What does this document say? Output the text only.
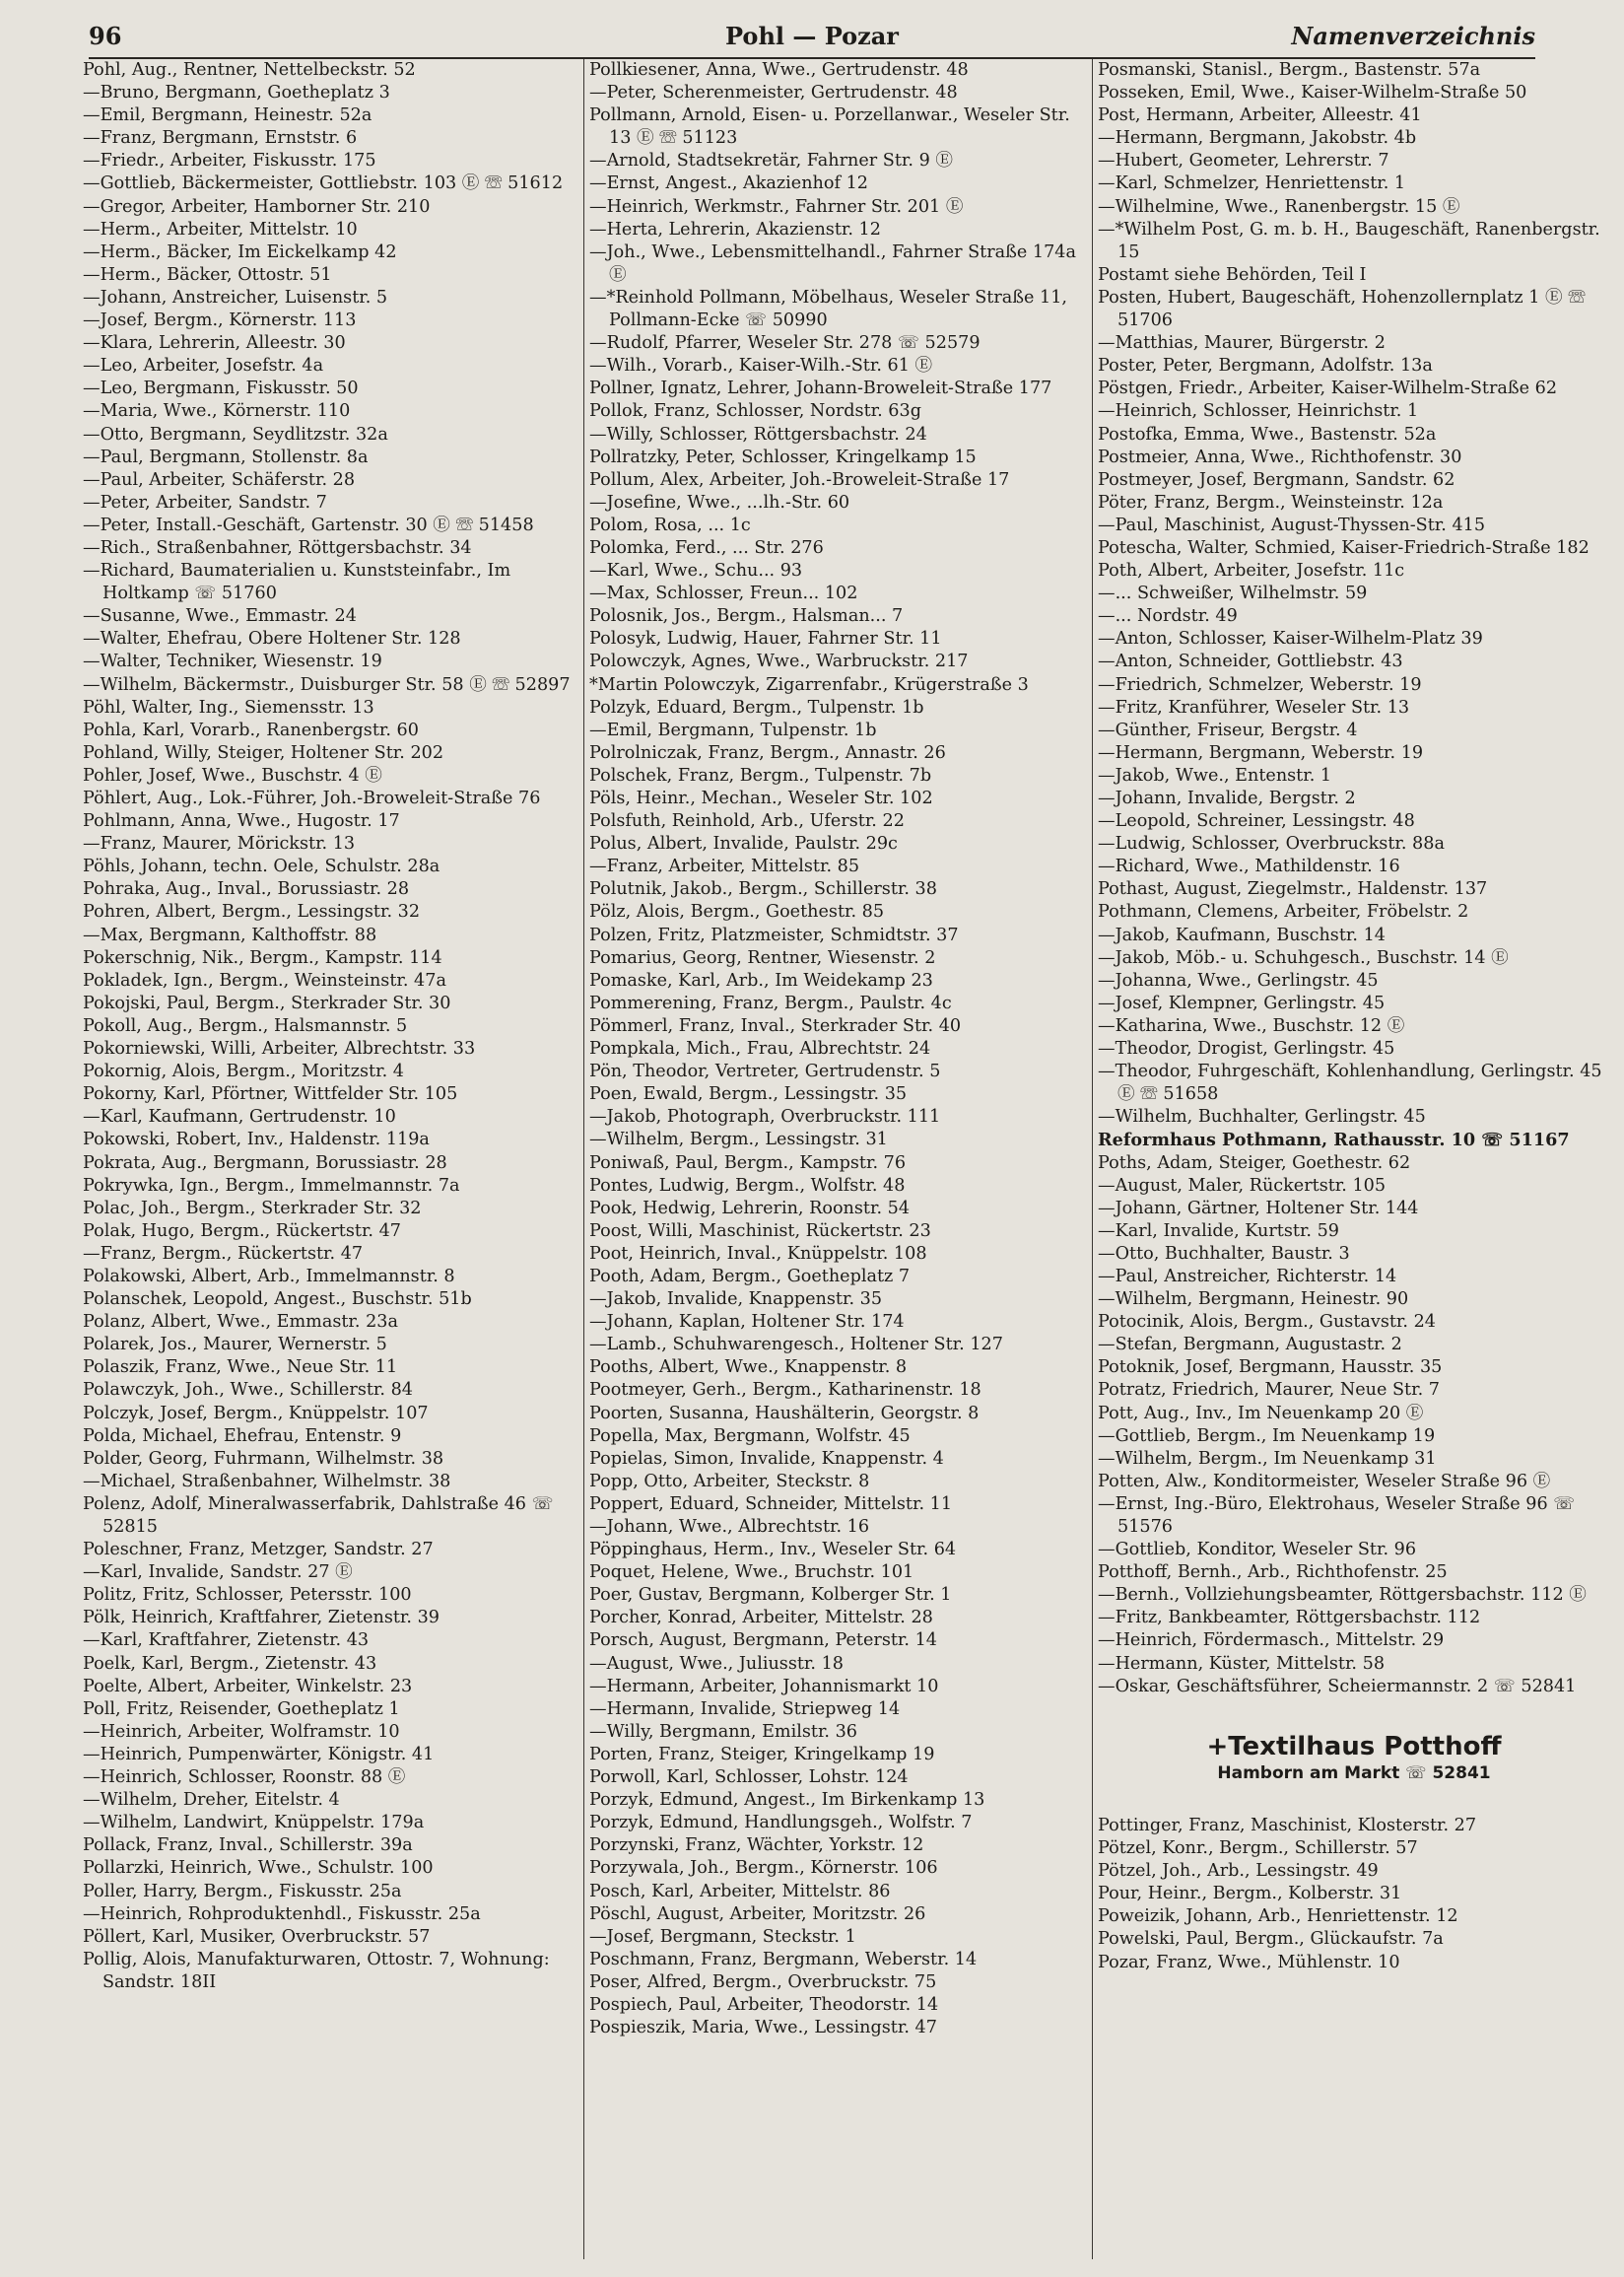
96	Pohl — Pozar	Namenverzeichnis
Pohl, Aug., Rentner, Nettelbeckstr. 52
—Bruno, Bergmann, Goetheplatz 3
—Emil, Bergmann, Heinestr. 52a
—Franz, Bergmann, Ernststr. 6
—Friedr., Arbeiter, Fiskusstr. 175
—Gottlieb, Bäckermeister, Gottliebstr. 103 Ⓔ ☏ 51612
—Gregor, Arbeiter, Hamborner Str. 210
—Herm., Arbeiter, Mittelstr. 10
—Herm., Bäcker, Im Eickelkamp 42
—Herm., Bäcker, Ottostr. 51
—Johann, Anstreicher, Luisenstr. 5
—Josef, Bergm., Körnerstr. 113
—Klara, Lehrerin, Alleestr. 30
—Leo, Arbeiter, Josefstr. 4a
—Leo, Bergmann, Fiskusstr. 50
—Maria, Wwe., Körnerstr. 110
—Otto, Bergmann, Seydlitzstr. 32a
—Paul, Bergmann, Stollenstr. 8a
—Paul, Arbeiter, Schäferstr. 28
—Peter, Arbeiter, Sandstr. 7
—Peter, Install.-Geschäft, Gartenstr. 30 Ⓔ ☏ 51458
—Rich., Straßenbahner, Röttgersbachstr. 34
—Richard, Baumaterialien u. Kunststeinfabr., Im Holtkamp ☏ 51760
—Susanne, Wwe., Emmastr. 24
—Walter, Ehefrau, Obere Holtener Str. 128
—Walter, Techniker, Wiesenstr. 19
—Wilhelm, Bäckermstr., Duisburger Str. 58 Ⓔ ☏ 52897
Pöhl, Walter, Ing., Siemensstr. 13
Pohla, Karl, Vorarb., Ranenbergstr. 60
Pohland, Willy, Steiger, Holtener Str. 202
Pohler, Josef, Wwe., Buschstr. 4 Ⓔ
Pöhlert, Aug., Lok.-Führer, Joh.-Broweleit-Straße 76
Pohlmann, Anna, Wwe., Hugostr. 17
—Franz, Maurer, Mörickstr. 13
Pöhls, Johann, techn. Oele, Schulstr. 28a
Pohraka, Aug., Inval., Borussiastr. 28
Pohren, Albert, Bergm., Lessingstr. 32
—Max, Bergmann, Kalthoffstr. 88
Pokerschnig, Nik., Bergm., Kampstr. 114
Pokladek, Ign., Bergm., Weinsteinstr. 47a
Pokojski, Paul, Bergm., Sterkrader Str. 30
Pokoll, Aug., Bergm., Halsmannstr. 5
Pokorniewski, Willi, Arbeiter, Albrechtstr. 33
Pokornig, Alois, Bergm., Moritzstr. 4
Pokorny, Karl, Pförtner, Wittfelder Str. 105
—Karl, Kaufmann, Gertrudenstr. 10
Pokowski, Robert, Inv., Haldenstr. 119a
Pokrata, Aug., Bergmann, Borussiastr. 28
Pokrywka, Ign., Bergm., Immelmannstr. 7a
Polac, Joh., Bergm., Sterkrader Str. 32
Polak, Hugo, Bergm., Rückertstr. 47
—Franz, Bergm., Rückertstr. 47
Polakowski, Albert, Arb., Immelmannstr. 8
Polanschek, Leopold, Angest., Buschstr. 51b
Polanz, Albert, Wwe., Emmastr. 23a
Polarek, Jos., Maurer, Wernerstr. 5
Polaszik, Franz, Wwe., Neue Str. 11
Polawczyk, Joh., Wwe., Schillerstr. 84
Polczyk, Josef, Bergm., Knüppelstr. 107
Polda, Michael, Ehefrau, Entenstr. 9
Polder, Georg, Fuhrmann, Wilhelmstr. 38
—Michael, Straßenbahner, Wilhelmstr. 38
Polenz, Adolf, Mineralwasserfabrik, Dahlstraße 46 ☏ 52815
Poleschner, Franz, Metzger, Sandstr. 27
—Karl, Invalide, Sandstr. 27 Ⓔ
Politz, Fritz, Schlosser, Petersstr. 100
Pölk, Heinrich, Kraftfahrer, Zietenstr. 39
—Karl, Kraftfahrer, Zietenstr. 43
Poelk, Karl, Bergm., Zietenstr. 43
Poelte, Albert, Arbeiter, Winkelstr. 23
Poll, Fritz, Reisender, Goetheplatz 1
—Heinrich, Arbeiter, Wolframstr. 10
—Heinrich, Pumpenwärter, Königstr. 41
—Heinrich, Schlosser, Roonstr. 88 Ⓔ
—Wilhelm, Dreher, Eitelstr. 4
—Wilhelm, Landwirt, Knüppelstr. 179a
Pollack, Franz, Inval., Schillerstr. 39a
Pollarzki, Heinrich, Wwe., Schulstr. 100
Poller, Harry, Bergm., Fiskusstr. 25a
—Heinrich, Rohproduktenhdl., Fiskusstr. 25a
Pöllert, Karl, Musiker, Overbruckstr. 57
Pollig, Alois, Manufakturwaren, Ottostr. 7, Wohnung: Sandstr. 18II
Pollkiesener, Anna, Wwe., Gertrudenstr. 48
—Peter, Scherenmeister, Gertrudenstr. 48
Pollmann, Arnold, Eisen- u. Porzellanwar., Weseler Str. 13 Ⓔ ☏ 51123
—Arnold, Stadtsekretär, Fahrner Str. 9 Ⓔ
—Ernst, Angest., Akazienhof 12
—Heinrich, Werkmstr., Fahrner Str. 201 Ⓔ
—Herta, Lehrerin, Akazienstr. 12
—Joh., Wwe., Lebensmittelhandl., Fahrner Straße 174a Ⓔ
—*Reinhold Pollmann, Möbelhaus, Weseler Straße 11, Pollmann-Ecke ☏ 50990
—Rudolf, Pfarrer, Weseler Str. 278 ☏ 52579
—Wilh., Vorarb., Kaiser-Wilh.-Str. 61 Ⓔ
Pollner, Ignatz, Lehrer, Johann-Broweleit-Straße 177
Pollok, Franz, Schlosser, Nordstr. 63g
—Willy, Schlosser, Röttgersbachstr. 24
Pollratzky, Peter, Schlosser, Kringelkamp 15
Pollum, Alex, Arbeiter, Joh.-Broweleit-Straße 17
—Josefine, Wwe., ...lh.-Str. 60
Polom, Rosa, ... 1c
Polomka, Ferd., ... Str. 276
—Karl, Wwe., Schu... 93
—Max, Schlosser, Freun... 102
Polosnik, Jos., Bergm., Halsman... 7
Polosyk, Ludwig, Hauer, Fahrner Str. 11
Polowczyk, Agnes, Wwe., Warbruckstr. 217
*Martin Polowczyk, Zigarrenfabr., Krügerstraße 3
Polzyk, Eduard, Bergm., Tulpenstr. 1b
—Emil, Bergmann, Tulpenstr. 1b
Polrolniczak, Franz, Bergm., Annastr. 26
Polschek, Franz, Bergm., Tulpenstr. 7b
Pöls, Heinr., Mechan., Weseler Str. 102
Polsfuth, Reinhold, Arb., Uferstr. 22
Polus, Albert, Invalide, Paulstr. 29c
—Franz, Arbeiter, Mittelstr. 85
Polutnik, Jakob., Bergm., Schillerstr. 38
Pölz, Alois, Bergm., Goethestr. 85
Polzen, Fritz, Platzmeister, Schmidtstr. 37
Pomarius, Georg, Rentner, Wiesenstr. 2
Pomaske, Karl, Arb., Im Weidekamp 23
Pommerening, Franz, Bergm., Paulstr. 4c
Pömmerl, Franz, Inval., Sterkrader Str. 40
Pompkala, Mich., Frau, Albrechtstr. 24
Pön, Theodor, Vertreter, Gertrudenstr. 5
Poen, Ewald, Bergm., Lessingstr. 35
—Jakob, Photograph, Overbruckstr. 111
—Wilhelm, Bergm., Lessingstr. 31
Poniwaß, Paul, Bergm., Kampstr. 76
Pontes, Ludwig, Bergm., Wolfstr. 48
Pook, Hedwig, Lehrerin, Roonstr. 54
Poost, Willi, Maschinist, Rückertstr. 23
Poot, Heinrich, Inval., Knüppelstr. 108
Pooth, Adam, Bergm., Goetheplatz 7
—Jakob, Invalide, Knappenstr. 35
—Johann, Kaplan, Holtener Str. 174
—Lamb., Schuhwarengesch., Holtener Str. 127
Pooths, Albert, Wwe., Knappenstr. 8
Pootmeyer, Gerh., Bergm., Katharinenstr. 18
Poorten, Susanna, Haushälterin, Georgstr. 8
Popella, Max, Bergmann, Wolfstr. 45
Popielas, Simon, Invalide, Knappenstr. 4
Popp, Otto, Arbeiter, Steckstr. 8
Poppert, Eduard, Schneider, Mittelstr. 11
—Johann, Wwe., Albrechtstr. 16
Pöppinghaus, Herm., Inv., Weseler Str. 64
Poquet, Helene, Wwe., Bruchstr. 101
Poer, Gustav, Bergmann, Kolberger Str. 1
Porcher, Konrad, Arbeiter, Mittelstr. 28
Porsch, August, Bergmann, Peterstr. 14
—August, Wwe., Juliusstr. 18
—Hermann, Arbeiter, Johannismarkt 10
—Hermann, Invalide, Striepweg 14
—Willy, Bergmann, Emilstr. 36
Porten, Franz, Steiger, Kringelkamp 19
Porwoll, Karl, Schlosser, Lohstr. 124
Porzyk, Edmund, Angest., Im Birkenkamp 13
Porzyk, Edmund, Handlungsgeh., Wolfstr. 7
Porzynski, Franz, Wächter, Yorkstr. 12
Porzywala, Joh., Bergm., Körnerstr. 106
Posch, Karl, Arbeiter, Mittelstr. 86
Pöschl, August, Arbeiter, Moritzstr. 26
—Josef, Bergmann, Steckstr. 1
Poschmann, Franz, Bergmann, Weberstr. 14
Poser, Alfred, Bergm., Overbruckstr. 75
Pospiech, Paul, Arbeiter, Theodorstr. 14
Pospieszik, Maria, Wwe., Lessingstr. 47
Posmanski, Stanisl., Bergm., Bastenstr. 57a
Posseken, Emil, Wwe., Kaiser-Wilhelm-Straße 50
Post, Hermann, Arbeiter, Alleestr. 41
—Hermann, Bergmann, Jakobstr. 4b
—Hubert, Geometer, Lehrerstr. 7
—Karl, Schmelzer, Henriettenstr. 1
—Wilhelmine, Wwe., Ranenbergstr. 15 Ⓔ
—*Wilhelm Post, G. m. b. H., Baugeschäft, Ranenbergstr. 15
Postamt siehe Behörden, Teil I
Posten, Hubert, Baugeschäft, Hohenzollernplatz 1 Ⓔ ☏ 51706
—Matthias, Maurer, Bürgerstr. 2
Poster, Peter, Bergmann, Adolfstr. 13a
Pöstgen, Friedr., Arbeiter, Kaiser-Wilhelm-Straße 62
—Heinrich, Schlosser, Heinrichstr. 1
Postofka, Emma, Wwe., Bastenstr. 52a
Postmeier, Anna, Wwe., Richthofenstr. 30
Postmeyer, Josef, Bergmann, Sandstr. 62
Pöter, Franz, Bergm., Weinsteinstr. 12a
—Paul, Maschinist, August-Thyssen-Str. 415
Potescha, Walter, Schmied, Kaiser-Friedrich-Straße 182
Poth, Albert, Arbeiter, Josefstr. 11c
—... Schweißer, Wilhelmstr. 59
—... Nordstr. 49
—Anton, Schlosser, Kaiser-Wilhelm-Platz 39
—Anton, Schneider, Gottliebstr. 43
—Friedrich, Schmelzer, Weberstr. 19
—Fritz, Kranführer, Weseler Str. 13
—Günther, Friseur, Bergstr. 4
—Hermann, Bergmann, Weberstr. 19
—Jakob, Wwe., Entenstr. 1
—Johann, Invalide, Bergstr. 2
—Leopold, Schreiner, Lessingstr. 48
—Ludwig, Schlosser, Overbruckstr. 88a
—Richard, Wwe., Mathildenstr. 16
Pothast, August, Ziegelmstr., Haldenstr. 137
Pothmann, Clemens, Arbeiter, Fröbelstr. 2
—Jakob, Kaufmann, Buschstr. 14
—Jakob, Möb.- u. Schuhgesch., Buschstr. 14 Ⓔ
—Johanna, Wwe., Gerlingstr. 45
—Josef, Klempner, Gerlingstr. 45
—Katharina, Wwe., Buschstr. 12 Ⓔ
—Theodor, Drogist, Gerlingstr. 45
—Theodor, Fuhrgeschäft, Kohlenhandlung, Gerlingstr. 45 Ⓔ ☏ 51658
—Wilhelm, Buchhalter, Gerlingstr. 45
Reformhaus Pothmann, Rathausstr. 10 ☏ 51167
Poths, Adam, Steiger, Goethestr. 62
—August, Maler, Rückertstr. 105
—Johann, Gärtner, Holtener Str. 144
—Karl, Invalide, Kurtstr. 59
—Otto, Buchhalter, Baustr. 3
—Paul, Anstreicher, Richterstr. 14
—Wilhelm, Bergmann, Heinestr. 90
Potocinik, Alois, Bergm., Gustavstr. 24
—Stefan, Bergmann, Augustastr. 2
Potoknik, Josef, Bergmann, Hausstr. 35
Potratz, Friedrich, Maurer, Neue Str. 7
Pott, Aug., Inv., Im Neuenkamp 20 Ⓔ
—Gottlieb, Bergm., Im Neuenkamp 19
—Wilhelm, Bergm., Im Neuenkamp 31
Potten, Alw., Konditormeister, Weseler Straße 96 Ⓔ
—Ernst, Ing.-Büro, Elektrohaus, Weseler Straße 96 ☏ 51576
—Gottlieb, Konditor, Weseler Str. 96
Potthoff, Bernh., Arb., Richthofenstr. 25
—Bernh., Vollziehungsbeamter, Röttgersbachstr. 112 Ⓔ
—Fritz, Bankbeamter, Röttgersbachstr. 112
—Heinrich, Fördermasch., Mittelstr. 29
—Hermann, Küster, Mittelstr. 58
—Oskar, Geschäftsführer, Scheiermannstr. 2 ☏ 52841
+Textilhaus Potthoff
Hamborn am Markt ☏ 52841
Pottinger, Franz, Maschinist, Klosterstr. 27
Pötzel, Konr., Bergm., Schillerstr. 57
Pötzel, Joh., Arb., Lessingstr. 49
Pour, Heinr., Bergm., Kolberstr. 31
Poweizik, Johann, Arb., Henriettenstr. 12
Powelski, Paul, Bergm., Glückaufstr. 7a
Pozar, Franz, Wwe., Mühlenstr. 10
